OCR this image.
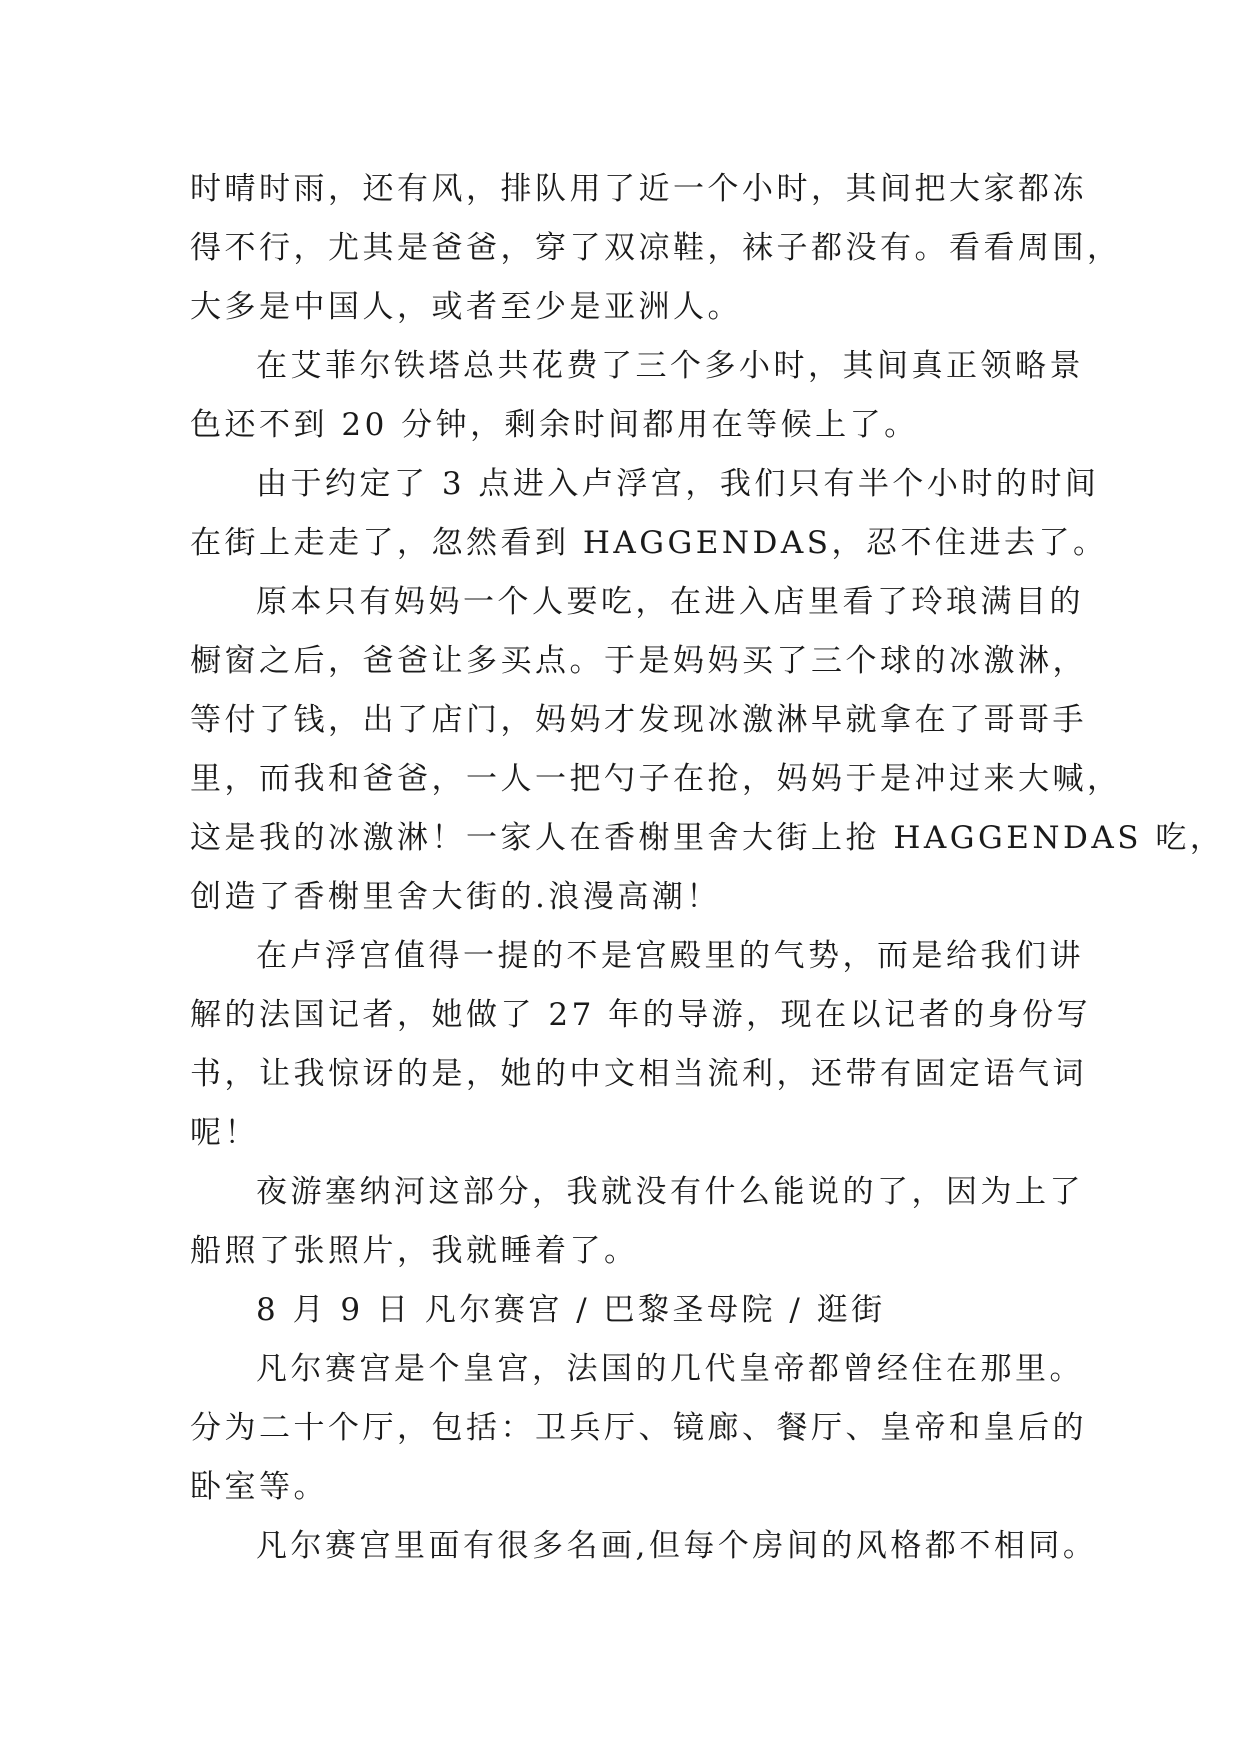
时晴时雨，还有风，排队用了近一个小时，其间把大家都冻
得不行，尤其是爸爸，穿了双凉鞋，袜子都没有。看看周围，
大多是中国人，或者至少是亚洲人。
在艾菲尔铁塔总共花费了三个多小时，其间真正领略景
色还不到 20 分钟，剩余时间都用在等候上了。
由于约定了 3 点进入卢浮宫，我们只有半个小时的时间
在街上走走了，忽然看到 HAGGENDAS，忍不住进去了。
原本只有妈妈一个人要吃，在进入店里看了玲琅满目的
橱窗之后，爸爸让多买点。于是妈妈买了三个球的冰激淋，
等付了钱，出了店门，妈妈才发现冰激淋早就拿在了哥哥手
里，而我和爸爸，一人一把勺子在抢，妈妈于是冲过来大喊，
这是我的冰激淋！一家人在香榭里舍大街上抢 HAGGENDAS 吃，
创造了香榭里舍大街的.浪漫高潮！
在卢浮宫值得一提的不是宫殿里的气势，而是给我们讲
解的法国记者，她做了 27 年的导游，现在以记者的身份写
书，让我惊讶的是，她的中文相当流利，还带有固定语气词
呢！
夜游塞纳河这部分，我就没有什么能说的了，因为上了
船照了张照片，我就睡着了。
8 月 9 日 凡尔赛宫 / 巴黎圣母院 / 逛街
凡尔赛宫是个皇宫，法国的几代皇帝都曾经住在那里。
分为二十个厅，包括：卫兵厅、镜廊、餐厅、皇帝和皇后的
卧室等。
凡尔赛宫里面有很多名画,但每个房间的风格都不相同。
